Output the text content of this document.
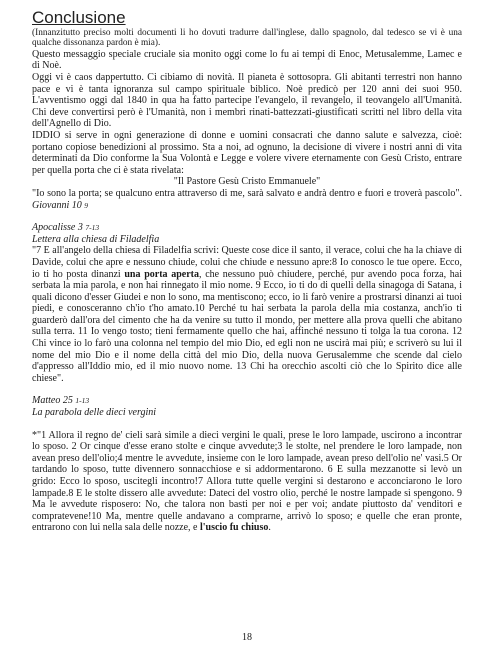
Conclusione

(Innanzitutto preciso molti documenti li ho dovuti tradurre dall'inglese, dallo spagnolo, dal tedesco se vi è una qualche dissonanza pardon è mia).

Questo messaggio speciale cruciale sia monito oggi come lo fu ai tempi di Enoc, Metusalemme, Lamec e di Noè.

Oggi vi è caos dappertutto. Ci cibiamo di novità. Il pianeta è sottosopra. Gli abitanti terrestri non hanno pace e vi è tanta ignoranza sul campo spirituale biblico. Noè predicò per 120 anni dei suoi 950. L'avventismo oggi dal 1840 in qua ha fatto partecipe l'evangelo, il revangelo, il teovangelo all'Umanità. Chi deve convertirsi però è l'Umanità, non i membri rinati-battezzati-giustificati scritti nel libro della vita dell'Agnello di Dio.

IDDIO si serve in ogni generazione di donne e uomini consacrati che danno salute e salvezza, cioè: portano copiose benedizioni al prossimo. Sta a noi, ad ognuno, la decisione di vivere i nostri anni di vita determinati da Dio conforme la Sua Volontà e Legge e volere vivere eternamente con Gesù Cristo, entrare per quella porta che ci è stata rivelata:

"Il Pastore Gesù Cristo Emmanuele"

"Io sono la porta; se qualcuno entra attraverso di me, sarà salvato e andrà dentro e fuori e troverà pascolo". Giovanni 10 9

Apocalisse 3 7-13

Lettera alla chiesa di Filadelfia

"7 E all'angelo della chiesa di Filadelfia scrivi: Queste cose dice il santo, il verace, colui che ha la chiave di Davide, colui che apre e nessuno chiude, colui che chiude e nessuno apre:8 Io conosco le tue opere. Ecco, io ti ho posta dinanzi una porta aperta, che nessuno può chiudere, perché, pur avendo poca forza, hai serbata la mia parola, e non hai rinnegato il mio nome. 9 Ecco, io ti do di quelli della sinagoga di Satana, i quali dicono d'esser Giudei e non lo sono, ma mentiscono; ecco, io li farò venire a prostrarsi dinanzi ai tuoi piedi, e conosceranno ch'io t'ho amato.10 Perché tu hai serbata la parola della mia costanza, anch'io ti guarderò dall'ora del cimento che ha da venire su tutto il mondo, per mettere alla prova quelli che abitano sulla terra. 11 Io vengo tosto; tieni fermamente quello che hai, affinché nessuno ti tolga la tua corona. 12 Chi vince io lo farò una colonna nel tempio del mio Dio, ed egli non ne uscirà mai più; e scriverò su lui il nome del mio Dio e il nome della città del mio Dio, della nuova Gerusalemme che scende dal cielo d'appresso all'Iddio mio, ed il mio nuovo nome. 13 Chi ha orecchio ascolti ciò che lo Spirito dice alle chiese".

Matteo 25 1-13

La parabola delle dieci vergini

*"1 Allora il regno de' cieli sarà simile a dieci vergini le quali, prese le loro lampade, uscirono a incontrar lo sposo. 2 Or cinque d'esse erano stolte e cinque avvedute;3 le stolte, nel prendere le loro lampade, non avean preso dell'olio;4 mentre le avvedute, insieme con le loro lampade, avean preso dell'olio ne' vasi.5 Or tardando lo sposo, tutte divennero sonnacchiose e si addormentarono. 6 E sulla mezzanotte si levò un grido: Ecco lo sposo, uscitegli incontro!7 Allora tutte quelle vergini si destarono e acconciarono le loro lampade.8 E le stolte dissero alle avvedute: Dateci del vostro olio, perché le nostre lampade si spengono. 9 Ma le avvedute risposero: No, che talora non basti per noi e per voi; andate piuttosto da' venditori e compratevene!10 Ma, mentre quelle andavano a comprarne, arrivò lo sposo; e quelle che eran pronte, entrarono con lui nella sala delle nozze, e l'uscio fu chiuso.

18
